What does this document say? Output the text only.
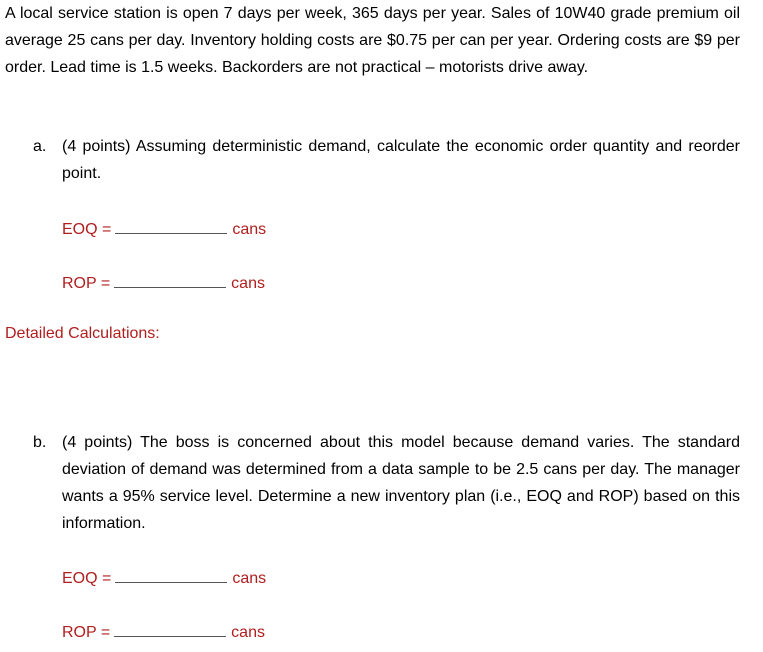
A local service station is open 7 days per week, 365 days per year. Sales of 10W40 grade premium oil average 25 cans per day. Inventory holding costs are $0.75 per can per year. Ordering costs are $9 per order. Lead time is 1.5 weeks. Backorders are not practical – motorists drive away.

a. (4 points) Assuming deterministic demand, calculate the economic order quantity and reorder point.
EOQ =	cans
ROP =	cans
Detailed Calculations:
b. (4 points) The boss is concerned about this model because demand varies. The standard deviation of demand was determined from a data sample to be 2.5 cans per day. The manager wants a 95% service level. Determine a new inventory plan (i.e., EOQ and ROP) based on this information.
EOQ =	cans
ROP =	cans
